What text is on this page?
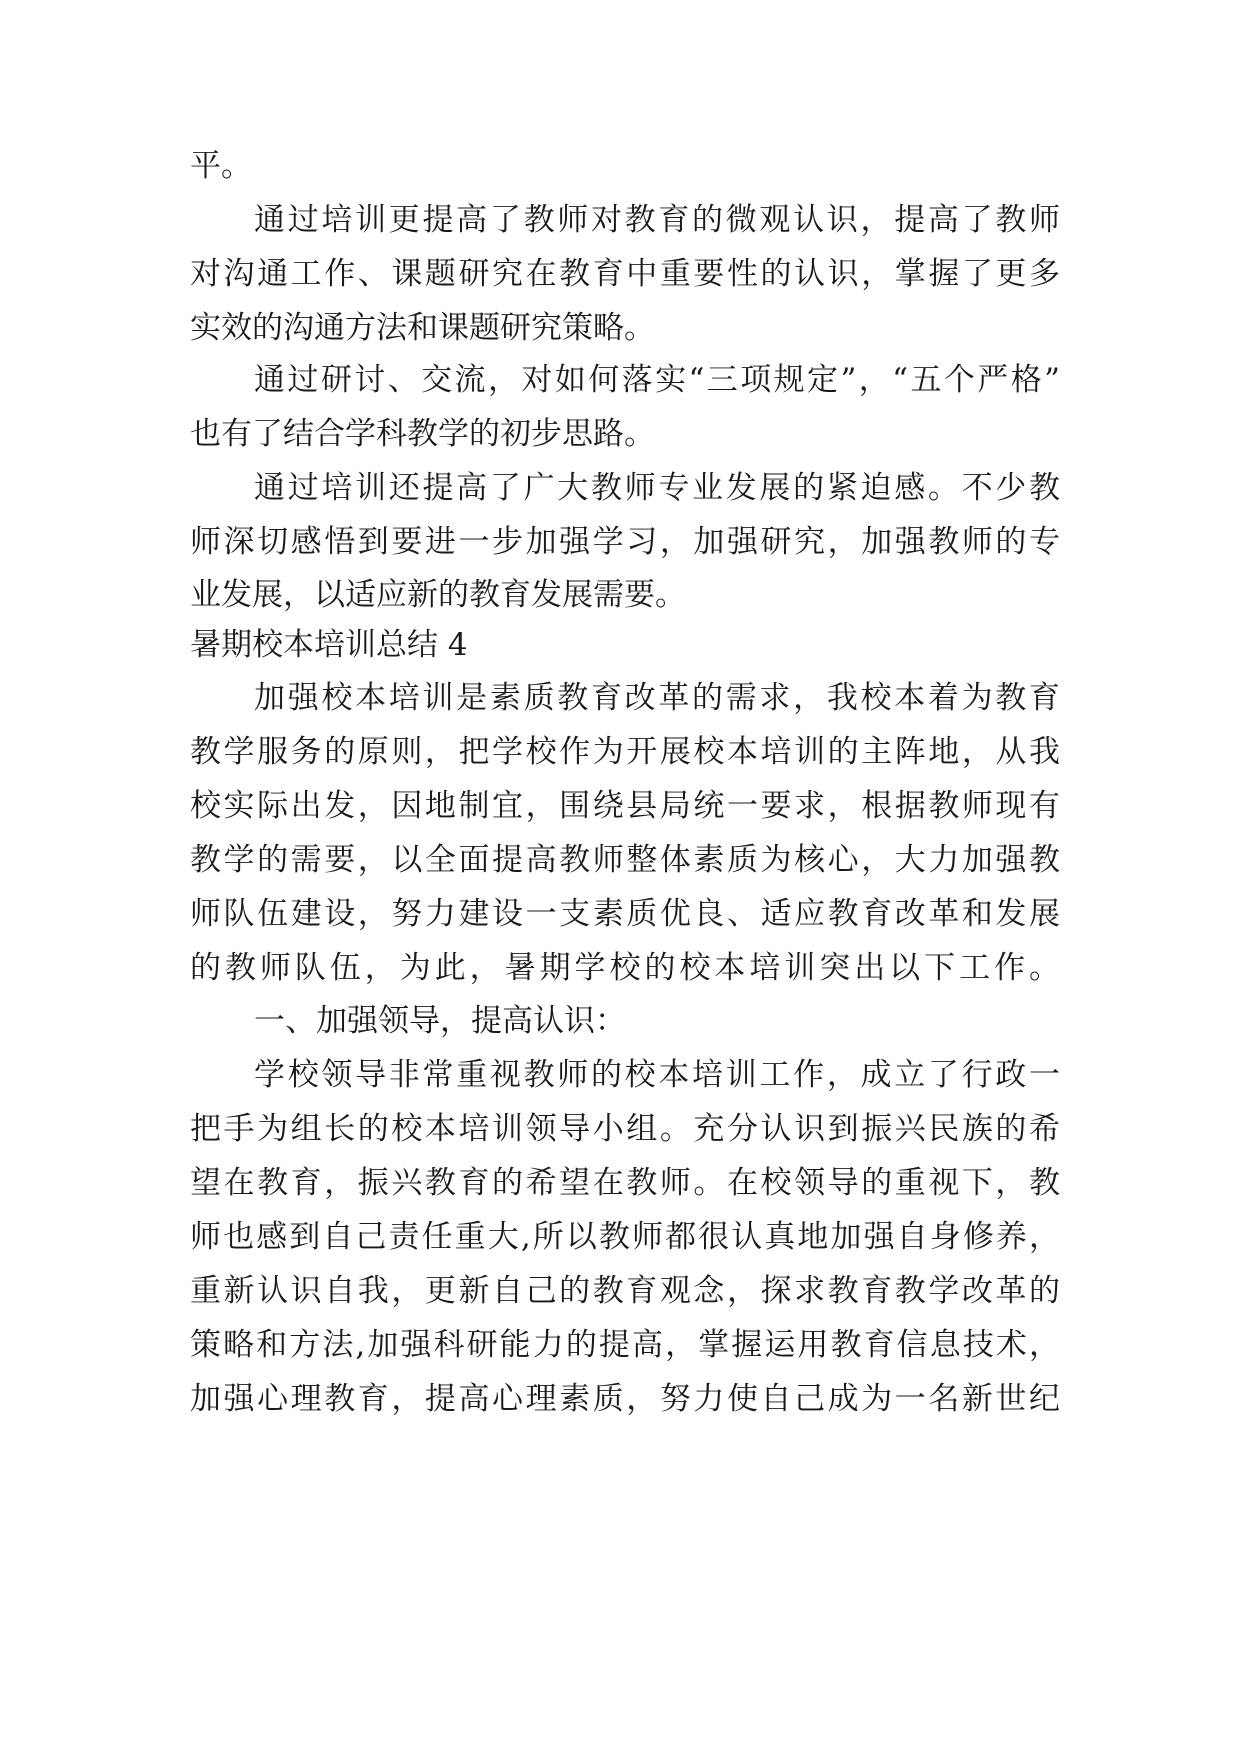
平。
通过培训更提高了教师对教育的微观认识，提高了教师
对沟通工作、课题研究在教育中重要性的认识，掌握了更多
实效的沟通方法和课题研究策略。
通过研讨、交流，对如何落实“三项规定”，“五个严格”
也有了结合学科教学的初步思路。
通过培训还提高了广大教师专业发展的紧迫感。不少教
师深切感悟到要进一步加强学习，加强研究，加强教师的专
业发展，以适应新的教育发展需要。
暑期校本培训总结 4
加强校本培训是素质教育改革的需求，我校本着为教育
教学服务的原则，把学校作为开展校本培训的主阵地，从我
校实际出发，因地制宜，围绕县局统一要求，根据教师现有
教学的需要，以全面提高教师整体素质为核心，大力加强教
师队伍建设，努力建设一支素质优良、适应教育改革和发展
的教师队伍，为此，暑期学校的校本培训突出以下工作。
一、加强领导，提高认识：
学校领导非常重视教师的校本培训工作，成立了行政一
把手为组长的校本培训领导小组。充分认识到振兴民族的希
望在教育，振兴教育的希望在教师。在校领导的重视下，教
师也感到自己责任重大,所以教师都很认真地加强自身修养，
重新认识自我，更新自己的教育观念，探求教育教学改革的
策略和方法,加强科研能力的提高，掌握运用教育信息技术，
加强心理教育，提高心理素质，努力使自己成为一名新世纪
